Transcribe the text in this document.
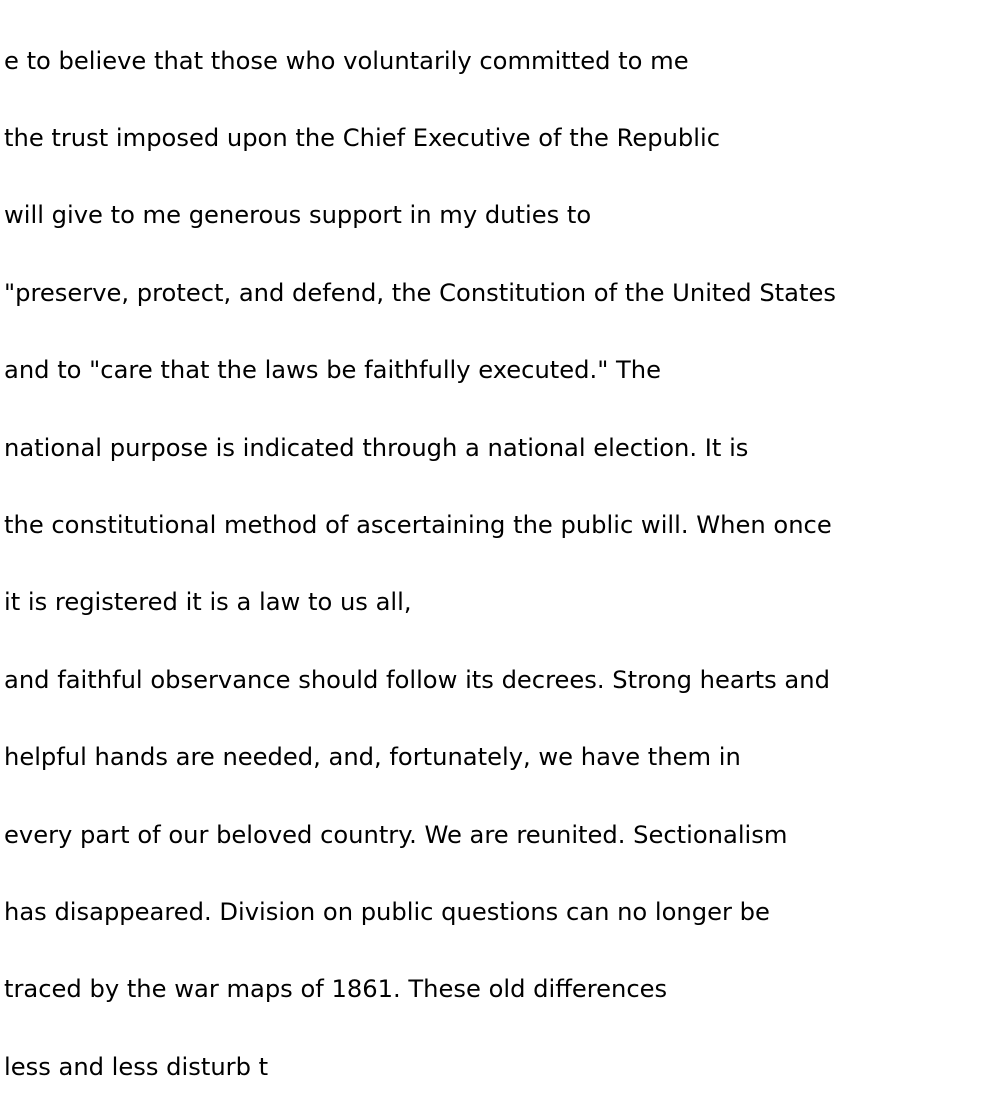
e to believe that those who voluntarily committed to me

the trust imposed upon the Chief Executive of the Republic

will give to me generous support in my duties to

"preserve, protect, and defend, the Constitution of the United States

and to "care that the laws be faithfully executed." The

national purpose is indicated through a national election. It is

the constitutional method of ascertaining the public will. When once

it is registered it is a law to us all,

and faithful observance should follow its decrees. Strong hearts and

helpful hands are needed, and, fortunately, we have them in

every part of our beloved country. We are reunited. Sectionalism

has disappeared. Division on public questions can no longer be

traced by the war maps of 1861. These old differences

less and less disturb t
